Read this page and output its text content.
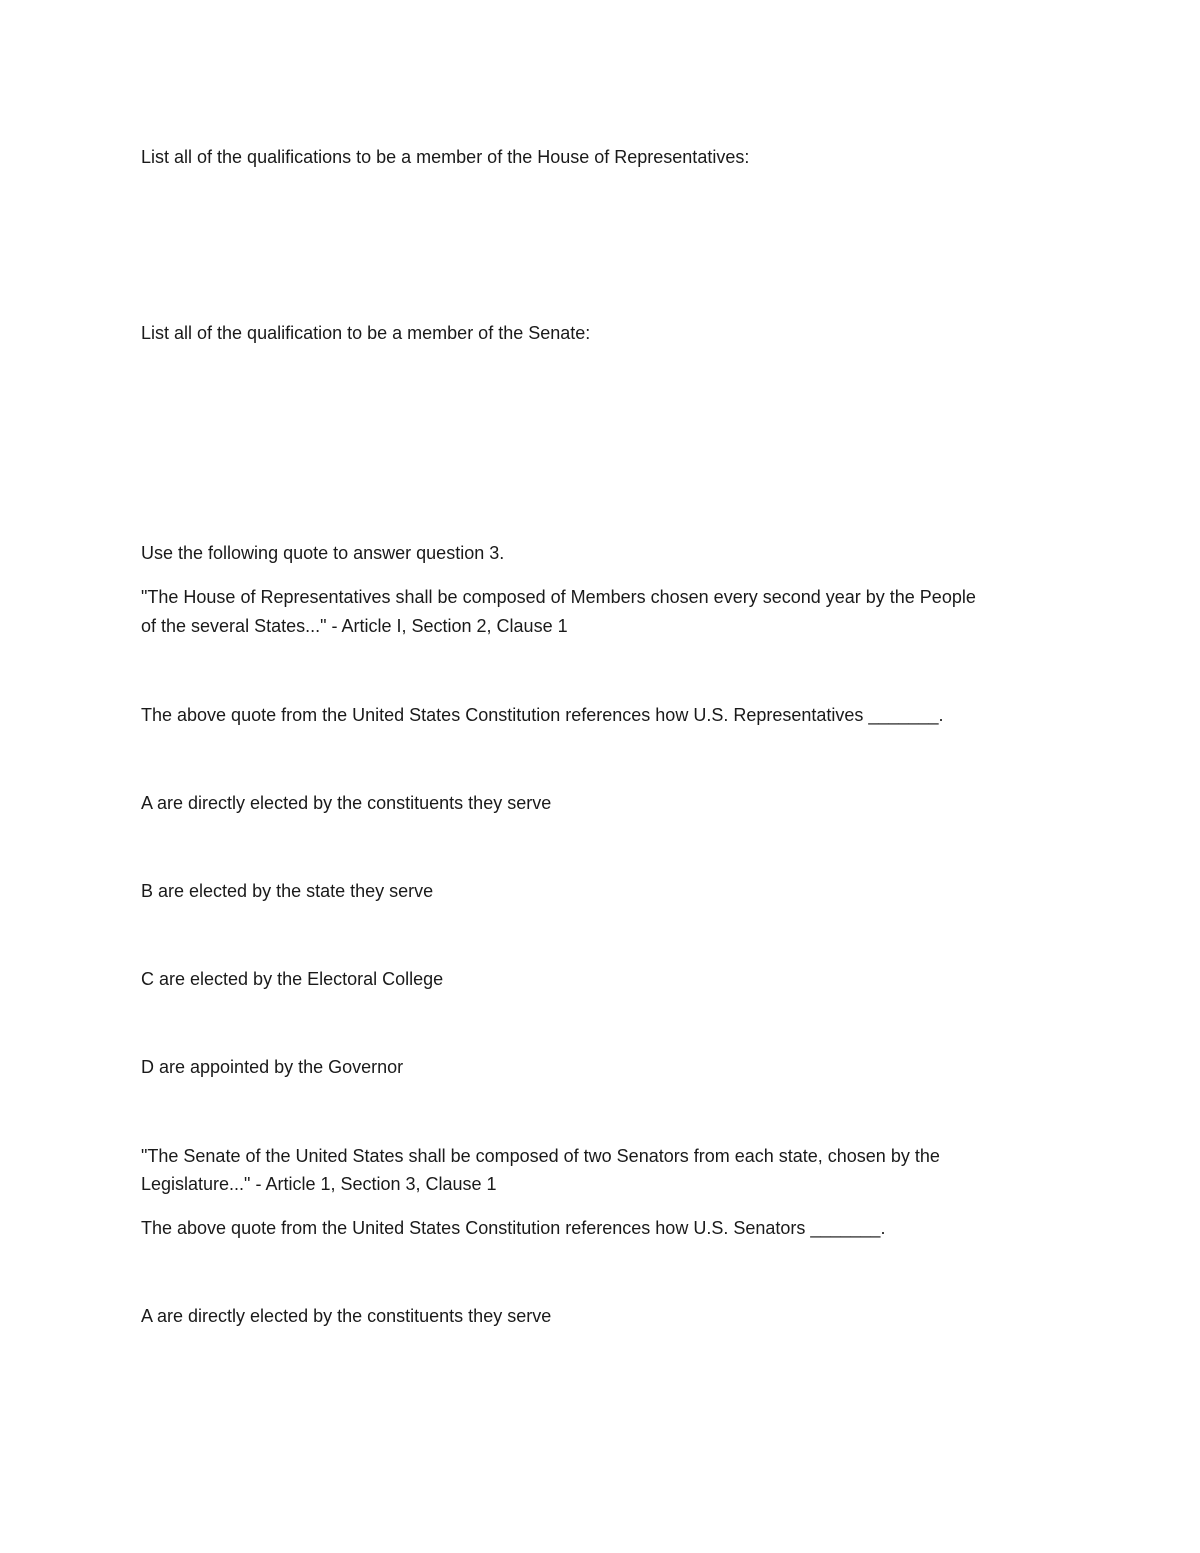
List all of the qualifications to be a member of the House of Representatives:

List all of the qualification to be a member of the Senate:

Use the following quote to answer question 3.

"The House of Representatives shall be composed of Members chosen every second year by the People

of the several States..." - Article I, Section 2, Clause 1

The above quote from the United States Constitution references how U.S. Representatives _______.

A are directly elected by the constituents they serve

B are elected by the state they serve

C are elected by the Electoral College

D are appointed by the Governor

"The Senate of the United States shall be composed of two Senators from each state, chosen by the

Legislature..." - Article 1, Section 3, Clause 1

The above quote from the United States Constitution references how U.S. Senators _______.

A are directly elected by the constituents they serve
